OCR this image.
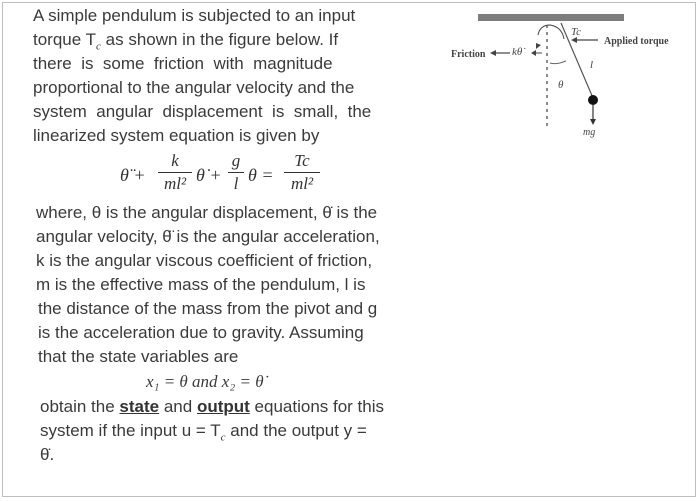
A simple pendulum is subjected to an input
torque $T_c$ as shown in the figure below. If
there  is  some  friction  with  magnitude
proportional to the angular velocity and the
system  angular  displacement  is  small,  the
linearized system equation is given by
θ̈ +
k
ml² θ̇ +
g
l θ =
Tc
ml²
where, θ is the angular displacement, θ̇ is the
angular velocity, θ̈ is the angular acceleration,
k is the angular viscous coefficient of friction,
m is the effective mass of the pendulum, l is
the distance of the mass from the pivot and g
is the acceleration due to gravity. Assuming
that the state variables are
x₁ = θ and x₂ = θ̇
obtain the state and output equations for this
system if the input $u = T_c$ and the output y =
θ̇.
mg
θ
l
Tc
Applied torque
Friction kθ̇
